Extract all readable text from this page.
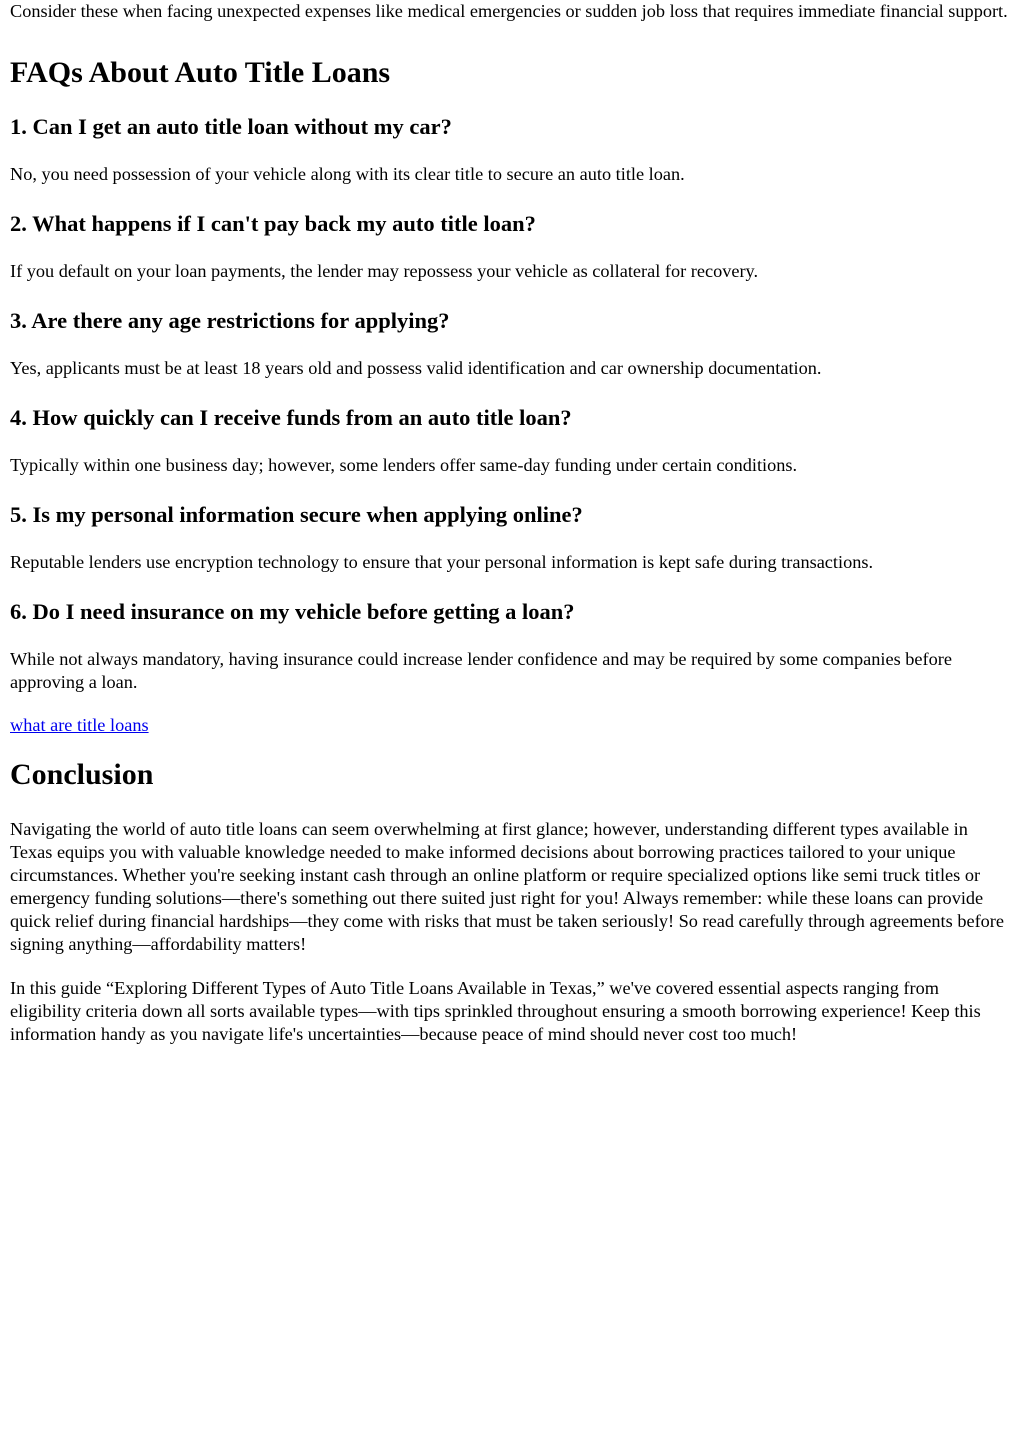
Consider these when facing unexpected expenses like medical emergencies or sudden job loss that requires immediate financial support.

FAQs About Auto Title Loans
1. Can I get an auto title loan without my car?

No, you need possession of your vehicle along with its clear title to secure an auto title loan.

2. What happens if I can't pay back my auto title loan?

If you default on your loan payments, the lender may repossess your vehicle as collateral for recovery.

3. Are there any age restrictions for applying?

Yes, applicants must be at least 18 years old and possess valid identification and car ownership documentation.

4. How quickly can I receive funds from an auto title loan?

Typically within one business day; however, some lenders offer same-day funding under certain conditions.

5. Is my personal information secure when applying online?

Reputable lenders use encryption technology to ensure that your personal information is kept safe during transactions.

6. Do I need insurance on my vehicle before getting a loan?

While not always mandatory, having insurance could increase lender confidence and may be required by some companies before approving a loan.

what are title loans

Conclusion

Navigating the world of auto title loans can seem overwhelming at first glance; however, understanding different types available in Texas equips you with valuable knowledge needed to make informed decisions about borrowing practices tailored to your unique circumstances. Whether you're seeking instant cash through an online platform or require specialized options like semi truck titles or emergency funding solutions—there's something out there suited just right for you! Always remember: while these loans can provide quick relief during financial hardships—they come with risks that must be taken seriously! So read carefully through agreements before signing anything—affordability matters!

In this guide “Exploring Different Types of Auto Title Loans Available in Texas,” we've covered essential aspects ranging from eligibility criteria down all sorts available types—with tips sprinkled throughout ensuring a smooth borrowing experience! Keep this information handy as you navigate life's uncertainties—because peace of mind should never cost too much!
